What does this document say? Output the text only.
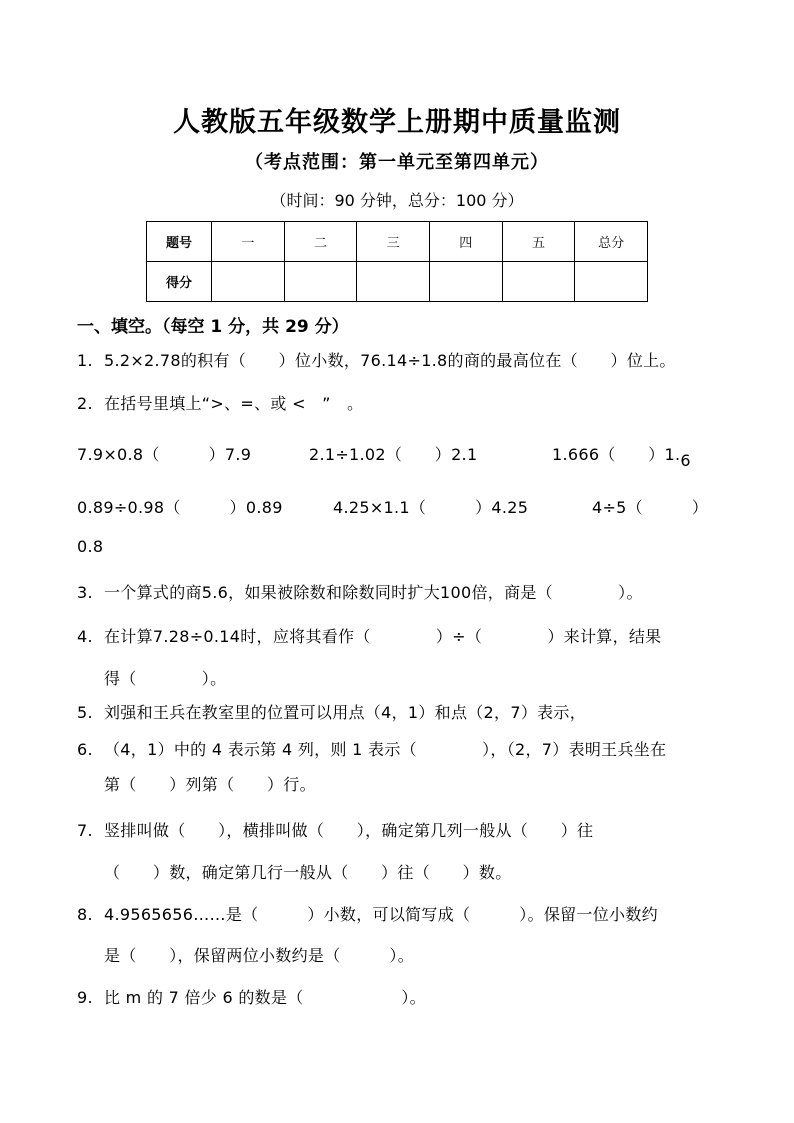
人教版五年级数学上册期中质量监测
（考点范围：第一单元至第四单元）
（时间：90 分钟，总分：100 分）
题号	一	二	三	四	五	总分
得分						
一、填空。（每空 1 分，共 29 分）
1. 5.2×2.78的积有（　　）位小数，76.14÷1.8的商的最高位在（　　）位上。
2. 在括号里填上“>、=、或 <　”　。
7.9×0.8（　　　）7.9	2.1÷1.02（　　）2.1	1.666（　　）1.6
0.89÷0.98（　　　）0.89	4.25×1.1（　　　）4.25	4÷5（　　　）
0.8
3. 一个算式的商5.6，如果被除数和除数同时扩大100倍，商是（　　　　）。
4. 在计算7.28÷0.14时，应将其看作（　　　　）÷（　　　　）来计算，结果
得（　　　　）。
5. 刘强和王兵在教室里的位置可以用点（4，1）和点（2，7）表示，
6. （4，1）中的 4 表示第 4 列，则 1 表示（　　　　），（2，7）表明王兵坐在
第（　　）列第（　　）行。
7. 竖排叫做（　　），横排叫做（　　），确定第几列一般从（　　）往
（　　）数，确定第几行一般从（　　）往（　　）数。
8. 4.9565656……是（　　　）小数，可以简写成（　　　）。保留一位小数约
是（　　），保留两位小数约是（　　　）。
9. 比 m 的 7 倍少 6 的数是（　　　　　　）。
